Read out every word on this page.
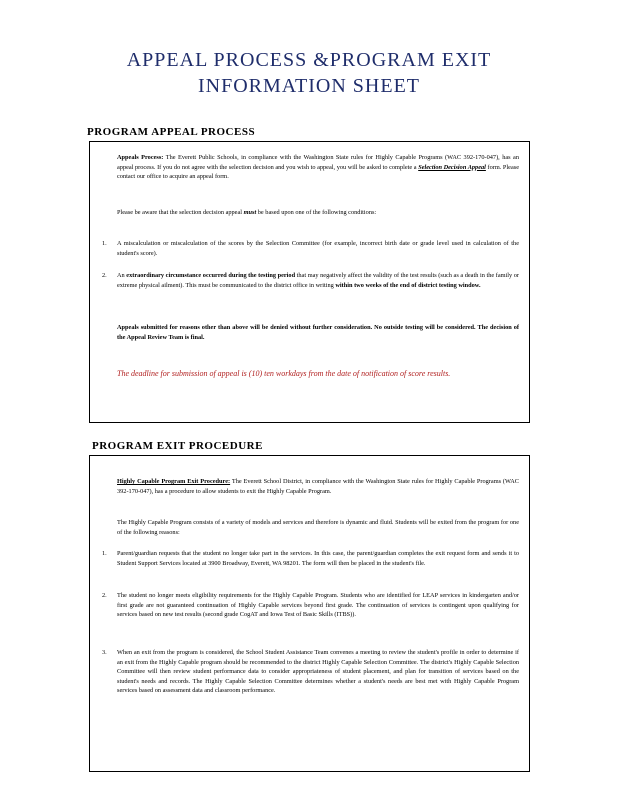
APPEAL PROCESS &PROGRAM EXIT
INFORMATION SHEET
PROGRAM APPEAL PROCESS

Appeals Process: The Everett Public Schools, in compliance with the Washington State rules for Highly Capable Programs (WAC 392-170-047), has an appeal process. If you do not agree with the selection decision and you wish to appeal, you will be asked to complete a Selection Decision Appeal form. Please contact our office to acquire an appeal form.

Please be aware that the selection decision appeal must be based upon one of the following conditions:

1. A miscalculation or miscalculation of the scores by the Selection Committee (for example, incorrect birth date or grade level used in calculation of the student's score).

2. An extraordinary circumstance occurred during the testing period that may negatively affect the validity of the test results (such as a death in the family or extreme physical ailment). This must be communicated to the district office in writing within two weeks of the end of district testing window.

Appeals submitted for reasons other than above will be denied without further consideration. No outside testing will be considered. The decision of the Appeal Review Team is final.

The deadline for submission of appeal is (10) ten workdays from the date of notification of score results.

PROGRAM EXIT PROCEDURE

Highly Capable Program Exit Procedure: The Everett School District, in compliance with the Washington State rules for Highly Capable Programs (WAC 392-170-047), has a procedure to allow students to exit the Highly Capable Program.

The Highly Capable Program consists of a variety of models and services and therefore is dynamic and fluid. Students will be exited from the program for one of the following reasons:

1. Parent/guardian requests that the student no longer take part in the services. In this case, the parent/guardian completes the exit request form and sends it to Student Support Services located at 3900 Broadway, Everett, WA 98201. The form will then be placed in the student's file.

2. The student no longer meets eligibility requirements for the Highly Capable Program. Students who are identified for LEAP services in kindergarten and/or first grade are not guaranteed continuation of Highly Capable services beyond first grade. The continuation of services is contingent upon qualifying for services based on new test results (second grade CogAT and Iowa Test of Basic Skills (ITBS)).

3. When an exit from the program is considered, the School Student Assistance Team convenes a meeting to review the student's profile in order to determine if an exit from the Highly Capable program should be recommended to the district Highly Capable Selection Committee. The district's Highly Capable Selection Committee will then review student performance data to consider appropriateness of student placement, and plan for transition of services based on the student's needs and records. The Highly Capable Selection Committee determines whether a student's needs are best met with Highly Capable Program services based on assessment data and classroom performance.
